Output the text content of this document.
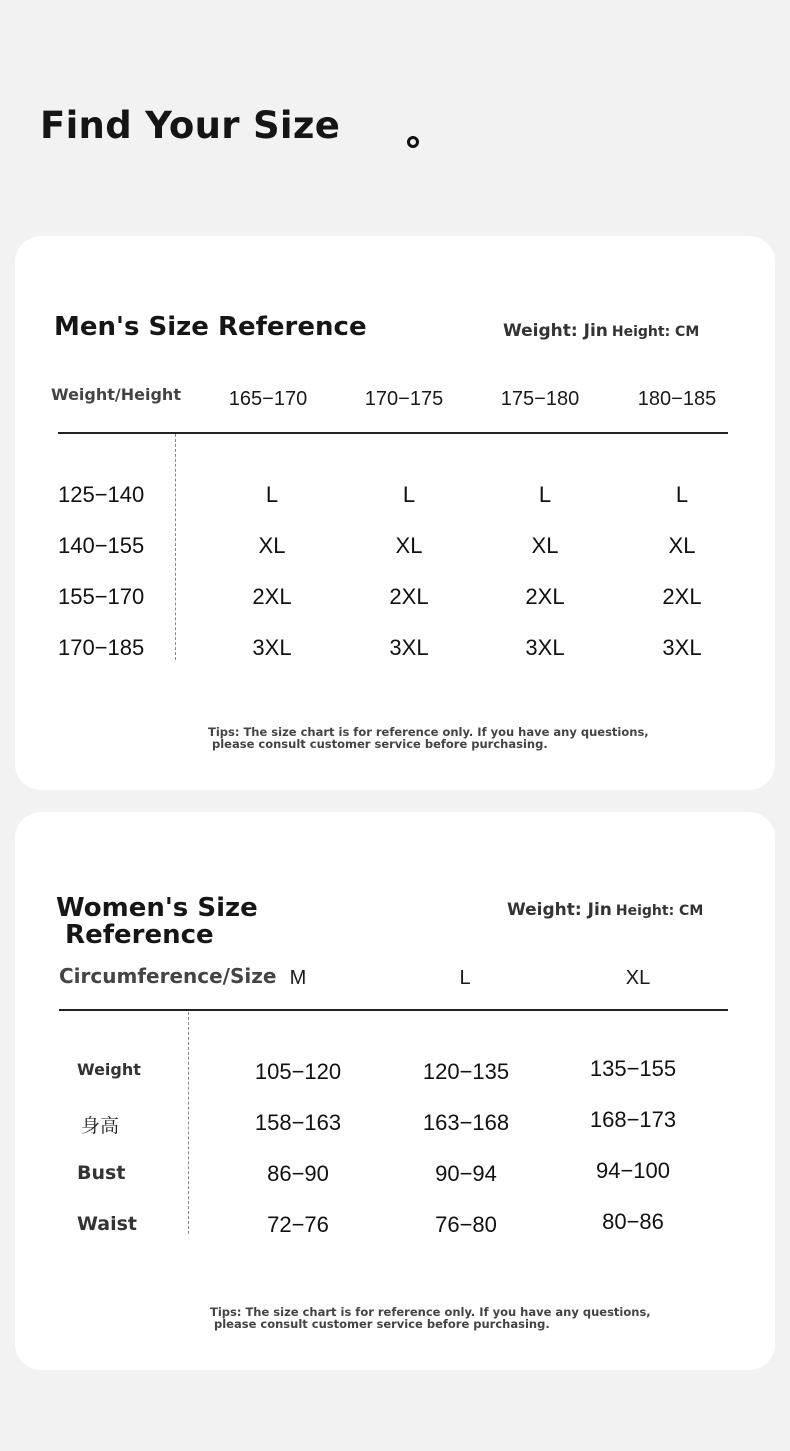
Find Your Size
Men's Size Reference	Weight: Jin Height: CM
Weight/Height 165−170	170−175	175−180	180−185
125−140	L	L	L	L
140−155	XL	XL	XL	XL
155−170	2XL	2XL	2XL	2XL
170−185	3XL	3XL	3XL	3XL
Tips: The size chart is for reference only. If you have any questions,
please consult customer service before purchasing.
Women's Size
Reference
Weight: Jin Height: CM
Circumference/Size M	L	XL
Weight	105−120	120−135	135−155
身高	158−163	163−168	168−173
Bust	86−90	90−94	94−100
Waist	72−76	76−80	80−86
Tips: The size chart is for reference only. If you have any questions,
please consult customer service before purchasing.
